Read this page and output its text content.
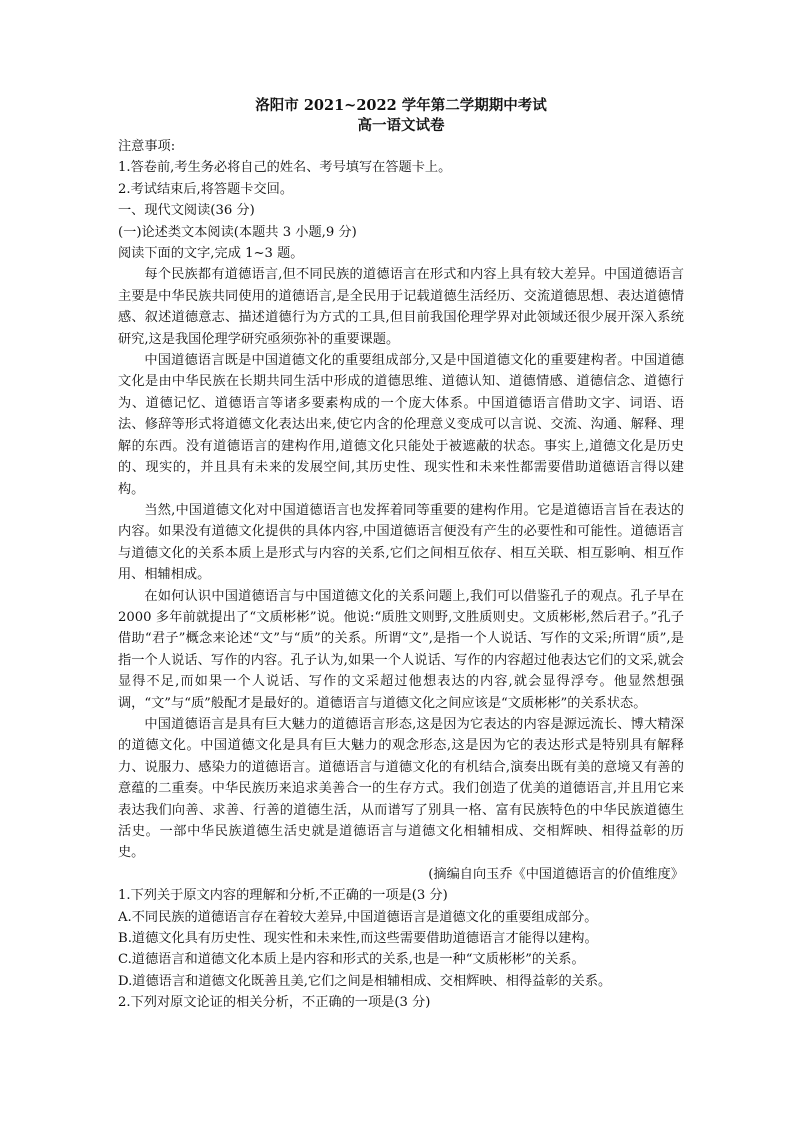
洛阳市 2021~2022 学年第二学期期中考试

高一语文试卷

注意事项:

1.答卷前,考生务必将自己的姓名、考号填写在答题卡上。

2.考试结束后,将答题卡交回。

一、现代文阅读(36 分)

(一)论述类文本阅读(本题共 3 小题,9 分)

阅读下面的文字,完成 1~3 题。

每个民族都有道德语言,但不同民族的道德语言在形式和内容上具有较大差异。中国道德语言主要是中华民族共同使用的道德语言,是全民用于记载道德生活经历、交流道德思想、表达道德情感、叙述道德意志、描述道德行为方式的工具,但目前我国伦理学界对此领域还很少展开深入系统研究,这是我国伦理学研究亟须弥补的重要课题。

中国道德语言既是中国道德文化的重要组成部分,又是中国道德文化的重要建构者。中国道德文化是由中华民族在长期共同生活中形成的道德思维、道德认知、道德情感、道德信念、道德行为、道德记忆、道德语言等诸多要素构成的一个庞大体系。中国道德语言借助文字、词语、语法、修辞等形式将道德文化表达出来,使它内含的伦理意义变成可以言说、交流、沟通、解释、理解的东西。没有道德语言的建构作用,道德文化只能处于被遮蔽的状态。事实上,道德文化是历史的、现实的，并且具有未来的发展空间,其历史性、现实性和未来性都需要借助道德语言得以建构。

当然,中国道德文化对中国道德语言也发挥着同等重要的建构作用。它是道德语言旨在表达的内容。如果没有道德文化提供的具体内容,中国道德语言便没有产生的必要性和可能性。道德语言与道德文化的关系本质上是形式与内容的关系,它们之间相互依存、相互关联、相互影响、相互作用、相辅相成。

在如何认识中国道德语言与中国道德文化的关系问题上,我们可以借鉴孔子的观点。孔子早在 2000 多年前就提出了“文质彬彬”说。他说:“质胜文则野,文胜质则史。文质彬彬,然后君子。”孔子借助“君子”概念来论述“文”与“质”的关系。所谓“文”,是指一个人说话、写作的文采;所谓“质”,是指一个人说话、写作的内容。孔子认为,如果一个人说话、写作的内容超过他表达它们的文采,就会显得不足,而如果一个人说话、写作的文采超过他想表达的内容,就会显得浮夸。他显然想强调，“文”与“质”般配才是最好的。道德语言与道德文化之间应该是“文质彬彬”的关系状态。

中国道德语言是具有巨大魅力的道德语言形态,这是因为它表达的内容是源远流长、博大精深的道德文化。中国道德文化是具有巨大魅力的观念形态,这是因为它的表达形式是特别具有解释力、说服力、感染力的道德语言。道德语言与道德文化的有机结合,演奏出既有美的意境又有善的意蕴的二重奏。中华民族历来追求美善合一的生存方式。我们创造了优美的道德语言,并且用它来表达我们向善、求善、行善的道德生活，从而谱写了别具一格、富有民族特色的中华民族道德生活史。一部中华民族道德生活史就是道德语言与道德文化相辅相成、交相辉映、相得益彰的历史。

(摘编自向玉乔《中国道德语言的价值维度》

1.下列关于原文内容的理解和分析,不正确的一项是(3 分)

A.不同民族的道德语言存在着较大差异,中国道德语言是道德文化的重要组成部分。

B.道德文化具有历史性、现实性和未来性,而这些需要借助道德语言才能得以建构。

C.道德语言和道德文化本质上是内容和形式的关系,也是一种“文质彬彬”的关系。

D.道德语言和道德文化既善且美,它们之间是相辅相成、交相辉映、相得益彰的关系。

2.下列对原文论证的相关分析，不正确的一项是(3 分)
